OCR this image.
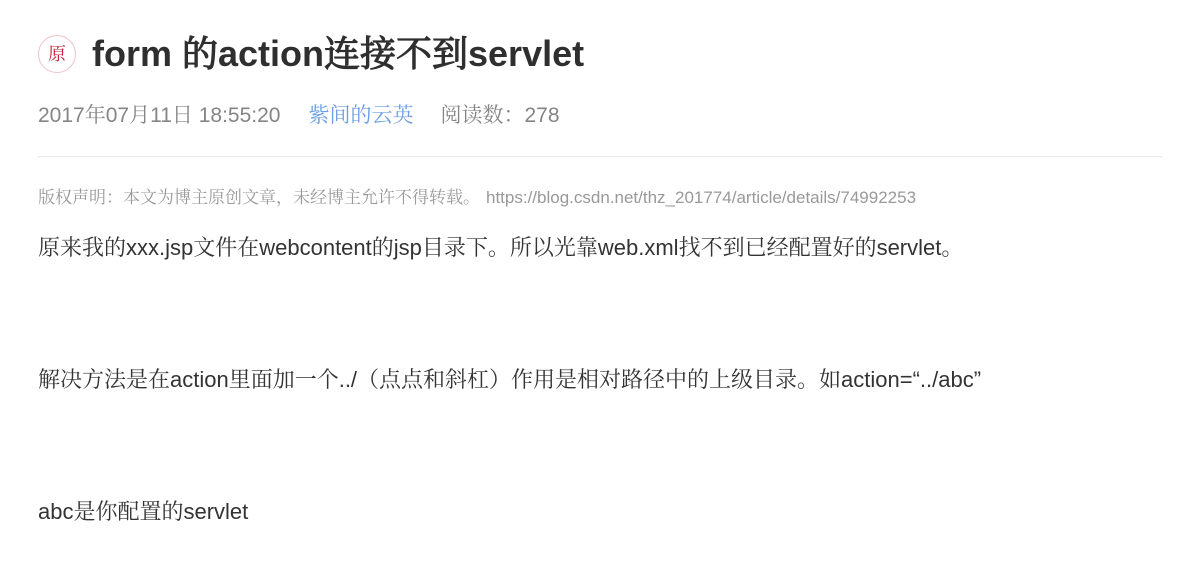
原 form 的action连接不到servlet
2017年07月11日 18:55:20 紫间的云英 阅读数：278
版权声明：本文为博主原创文章，未经博主允许不得转载。 https://blog.csdn.net/thz_201774/article/details/74992253

原来我的xxx.jsp文件在webcontent的jsp目录下。所以光靠web.xml找不到已经配置好的servlet。

解决方法是在action里面加一个../（点点和斜杠）作用是相对路径中的上级目录。如action=“../abc”

abc是你配置的servlet
